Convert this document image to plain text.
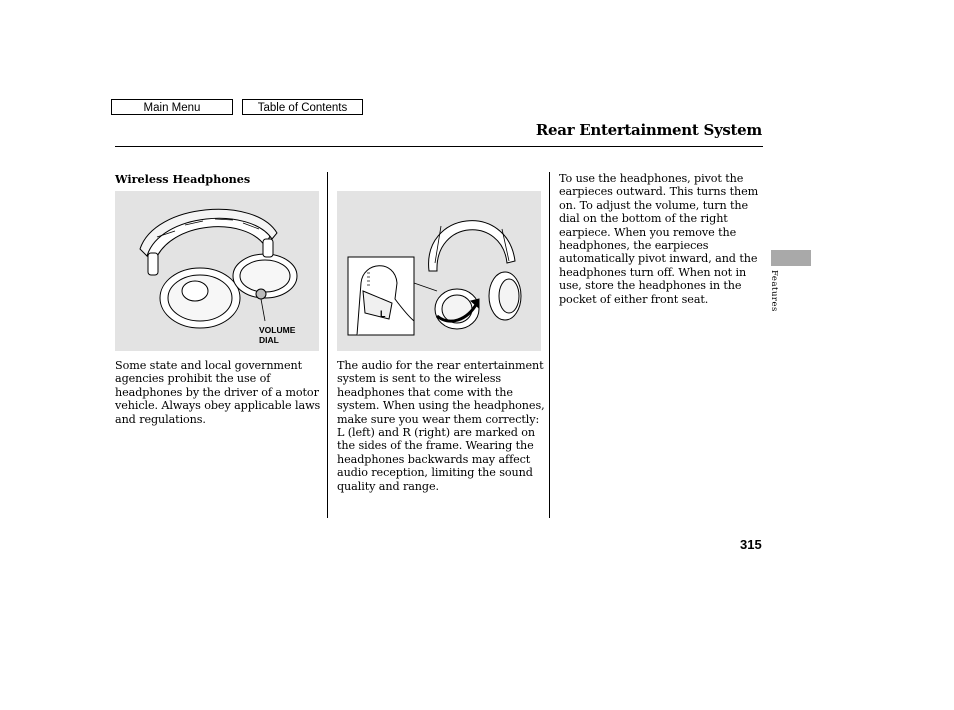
Main Menu	Table of Contents
Rear Entertainment System
Wireless Headphones
VOLUME
DIAL
L
Some state and local government
agencies prohibit the use of
headphones by the driver of a motor
vehicle. Always obey applicable laws
and regulations.
The audio for the rear entertainment
system is sent to the wireless
headphones that come with the
system. When using the headphones,
make sure you wear them correctly:
L (left) and R (right) are marked on
the sides of the frame. Wearing the
headphones backwards may affect
audio reception, limiting the sound
quality and range.
To use the headphones, pivot the
earpieces outward. This turns them
on. To adjust the volume, turn the
dial on the bottom of the right
earpiece. When you remove the
headphones, the earpieces
automatically pivot inward, and the
headphones turn off. When not in
use, store the headphones in the
pocket of either front seat.	Features
315
